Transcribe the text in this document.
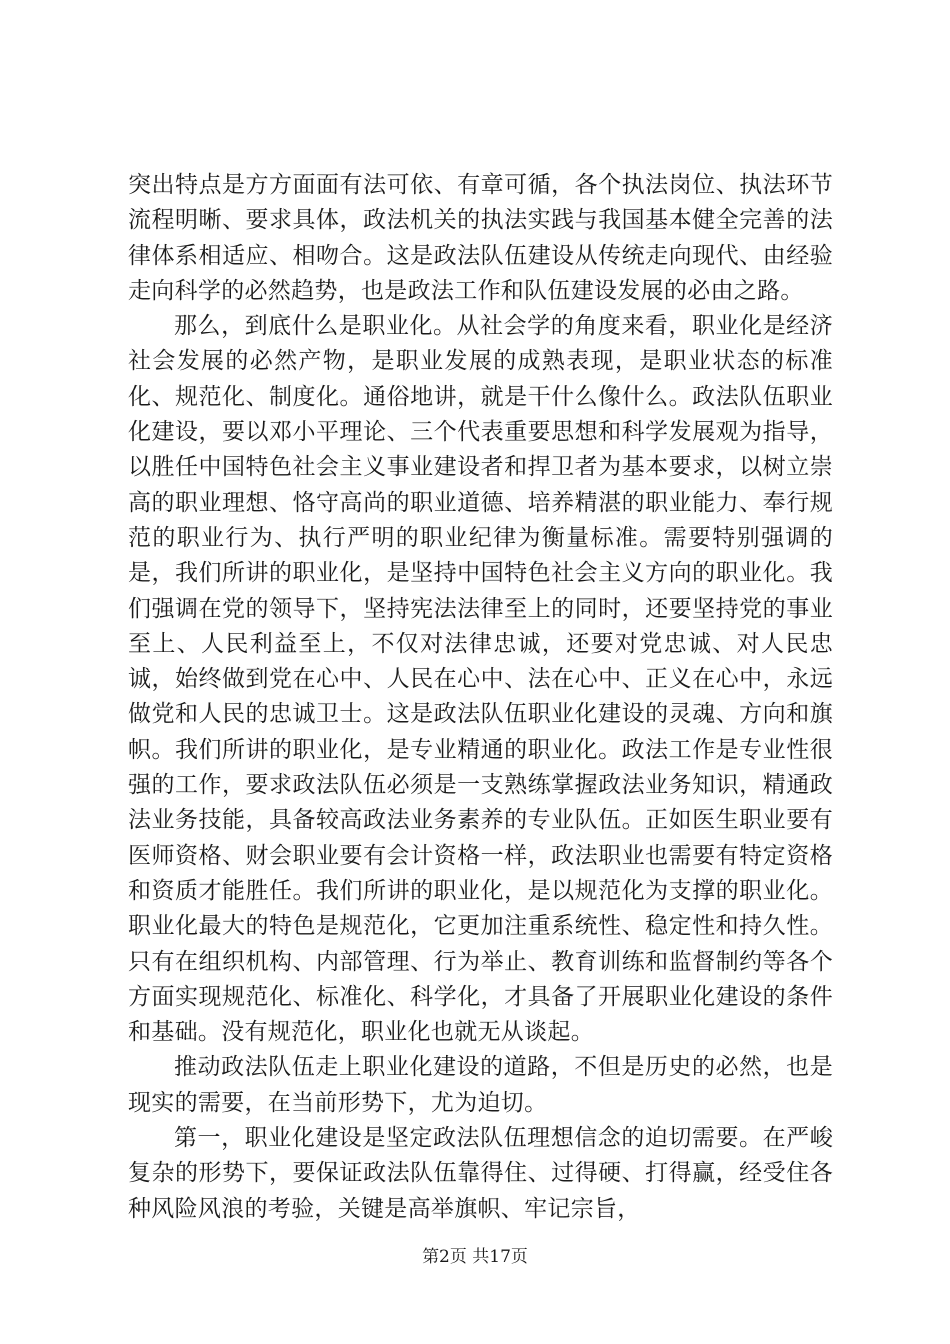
突出特点是方方面面有法可依、有章可循，各个执法岗位、执法环节流程明晰、要求具体，政法机关的执法实践与我国基本健全完善的法律体系相适应、相吻合。这是政法队伍建设从传统走向现代、由经验走向科学的必然趋势，也是政法工作和队伍建设发展的必由之路。

那么，到底什么是职业化。从社会学的角度来看，职业化是经济社会发展的必然产物，是职业发展的成熟表现，是职业状态的标准化、规范化、制度化。通俗地讲，就是干什么像什么。政法队伍职业化建设，要以邓小平理论、三个代表重要思想和科学发展观为指导，以胜任中国特色社会主义事业建设者和捍卫者为基本要求，以树立崇高的职业理想、恪守高尚的职业道德、培养精湛的职业能力、奉行规范的职业行为、执行严明的职业纪律为衡量标准。需要特别强调的是，我们所讲的职业化，是坚持中国特色社会主义方向的职业化。我们强调在党的领导下，坚持宪法法律至上的同时，还要坚持党的事业至上、人民利益至上，不仅对法律忠诚，还要对党忠诚、对人民忠诚，始终做到党在心中、人民在心中、法在心中、正义在心中，永远做党和人民的忠诚卫士。这是政法队伍职业化建设的灵魂、方向和旗帜。我们所讲的职业化，是专业精通的职业化。政法工作是专业性很强的工作，要求政法队伍必须是一支熟练掌握政法业务知识，精通政法业务技能，具备较高政法业务素养的专业队伍。正如医生职业要有医师资格、财会职业要有会计资格一样，政法职业也需要有特定资格和资质才能胜任。我们所讲的职业化，是以规范化为支撑的职业化。职业化最大的特色是规范化，它更加注重系统性、稳定性和持久性。只有在组织机构、内部管理、行为举止、教育训练和监督制约等各个方面实现规范化、标准化、科学化，才具备了开展职业化建设的条件和基础。没有规范化，职业化也就无从谈起。

推动政法队伍走上职业化建设的道路，不但是历史的必然，也是现实的需要，在当前形势下，尤为迫切。

第一，职业化建设是坚定政法队伍理想信念的迫切需要。在严峻复杂的形势下，要保证政法队伍靠得住、过得硬、打得赢，经受住各种风险风浪的考验，关键是高举旗帜、牢记宗旨，

第2页 共17页
